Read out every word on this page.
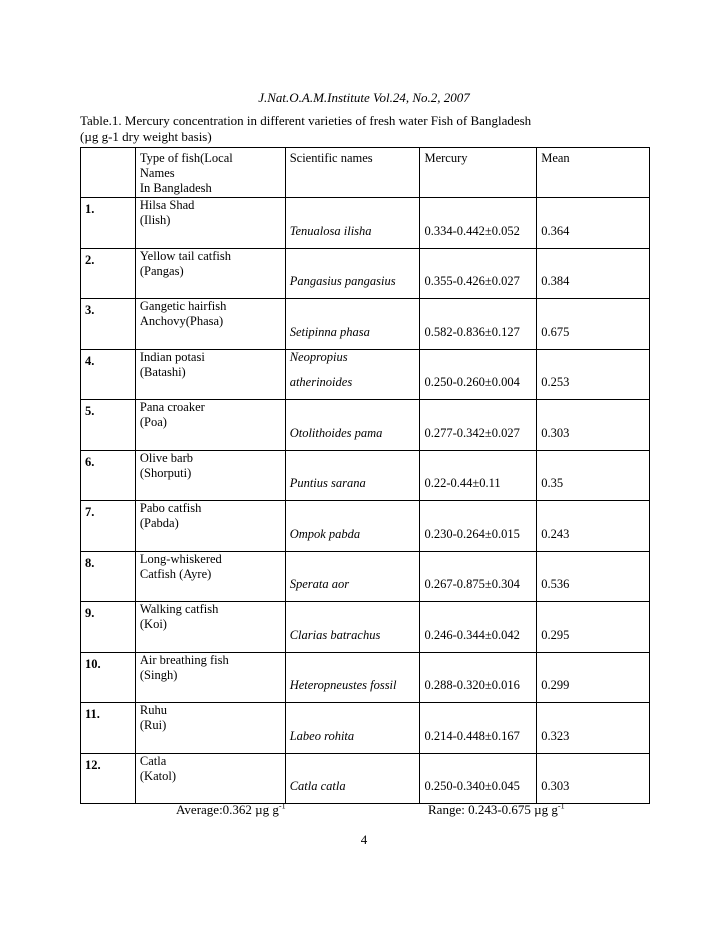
J.Nat.O.A.M.Institute Vol.24, No.2, 2007
Table.1. Mercury concentration in different varieties of fresh water Fish of Bangladesh
(µg g-1 dry weight basis)

	Type of fish(Local
Names
In Bangladesh	Scientific names	Mercury	Mean

1.	Hilsa Shad
(Ilish)	Tenualosa ilisha	0.334-0.442±0.052	0.364

2.	Yellow tail catfish
(Pangas)	Pangasius pangasius	0.355-0.426±0.027	0.384

3.	Gangetic hairfish
Anchovy(Phasa)	Setipinna phasa	0.582-0.836±0.127	0.675

4.	Indian potasi
(Batashi)	Neopropius
atherinoides	0.250-0.260±0.004	0.253

5.	Pana croaker
(Poa)	Otolithoides pama	0.277-0.342±0.027	0.303

6.	Olive barb
(Shorputi)	Puntius sarana	0.22-0.44±0.11	0.35

7.	Pabo catfish
(Pabda)	Ompok pabda	0.230-0.264±0.015	0.243

8.	Long-whiskered
Catfish (Ayre)	Sperata aor	0.267-0.875±0.304	0.536

9.	Walking catfish
(Koi)	Clarias batrachus	0.246-0.344±0.042	0.295

10.	Air breathing fish
(Singh)	Heteropneustes fossil	0.288-0.320±0.016	0.299

11.	Ruhu
(Rui)	Labeo rohita	0.214-0.448±0.167	0.323

12.	Catla
(Katol)	Catla catla	0.250-0.340±0.045	0.303
Average:0.362 µg $g^{-1}$	Range: 0.243-0.675 µg $g^{-1}$
4
